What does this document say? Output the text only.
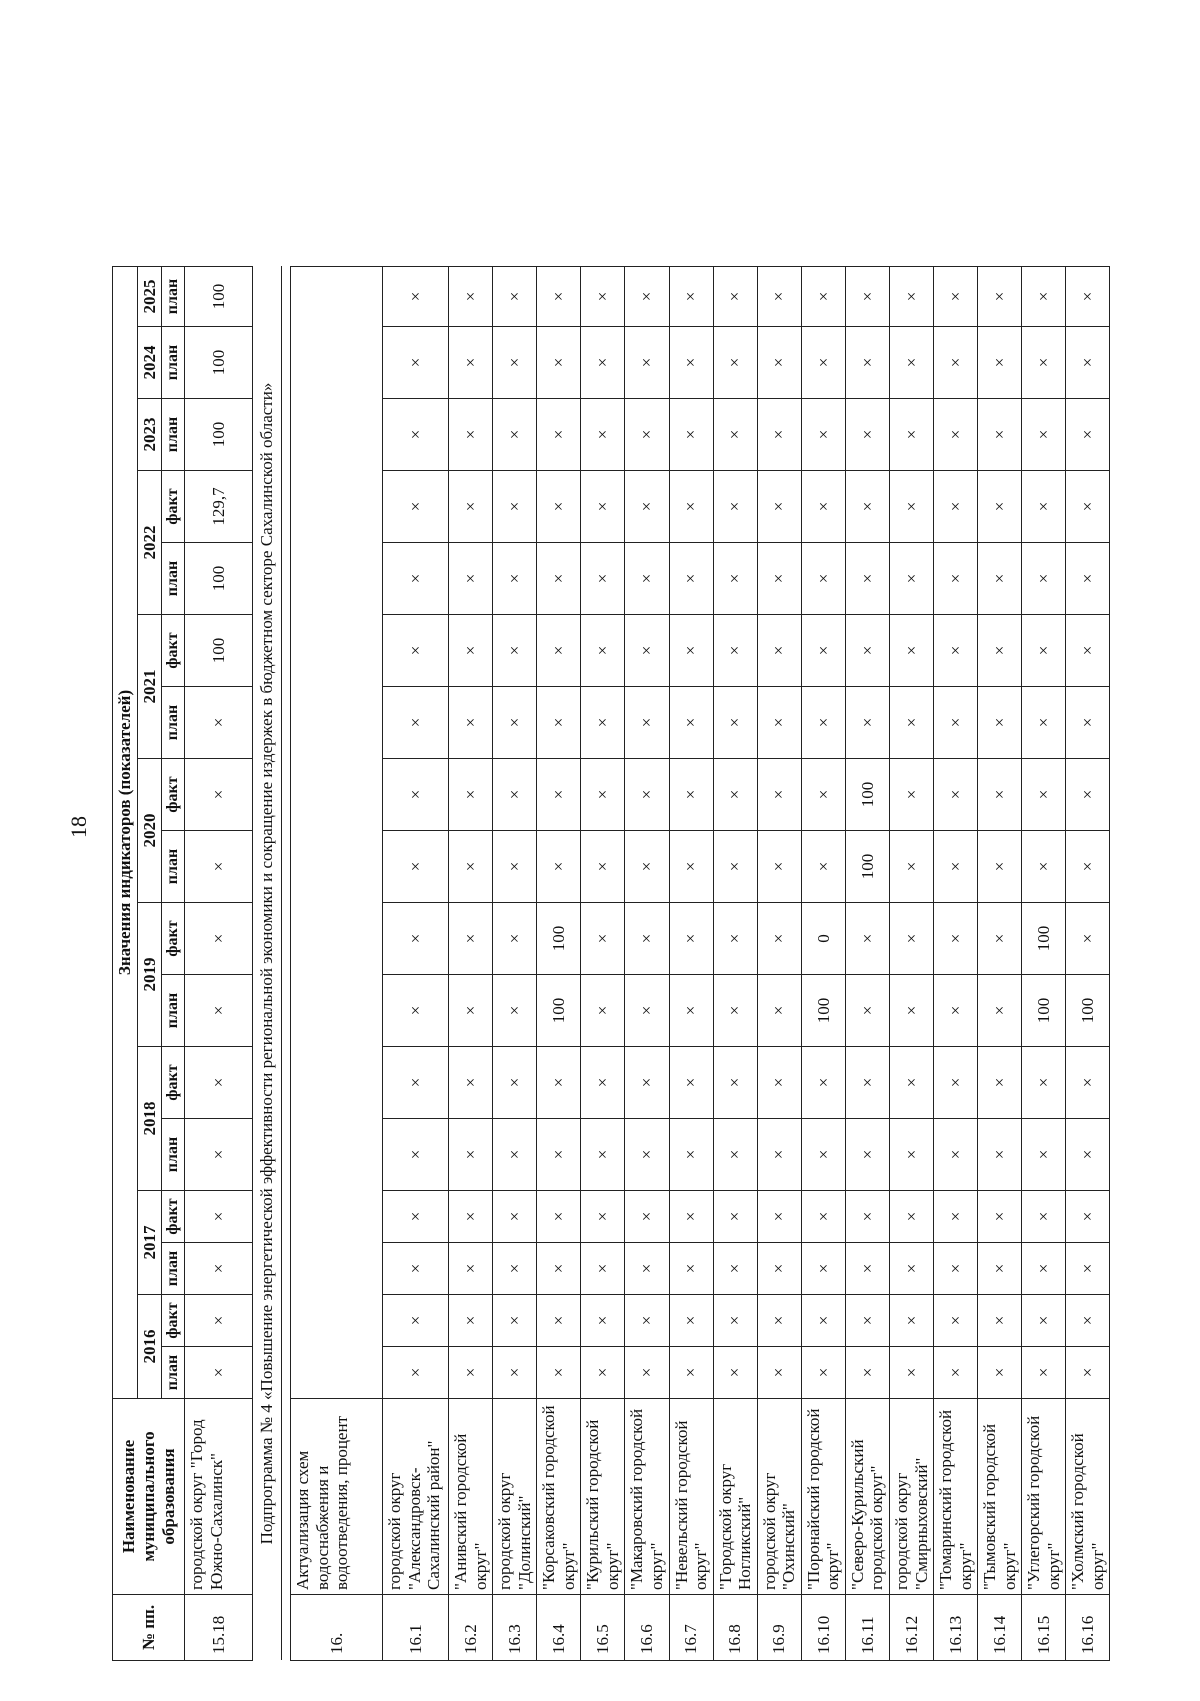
18
№ пп.	Наименование муниципального образования	Значения индикаторов (показателей)																
		2016		2017		2018		2019		2020		2021		2022		2023	2024	2025
		план	факт	план	факт	план	факт	план	факт	план	факт	план	факт	план	факт	план	план	план
15.18	городской округ "Город Южно-Сахалинск"	×	×	×	×	×	×	×	×	×	×	×	100	100	129,7	100	100	100
Подпрограмма № 4 «Повышение энергетической эффективности региональной экономики и сокращение издержек в бюджетном секторе Сахалинской области»																		

16.	Актуализация схем водоснабжения и водоотведения, процент																	
16.1	городской округ "Александровск-Сахалинский район"	×	×	×	×	×	×	×	×	×	×	×	×	×	×	×	×	×
16.2	"Анивский городской округ"	×	×	×	×	×	×	×	×	×	×	×	×	×	×	×	×	×
16.3	городской округ "Долинский"	×	×	×	×	×	×	×	×	×	×	×	×	×	×	×	×	×
16.4	"Корсаковский городской округ"	×	×	×	×	×	×	100	100	×	×	×	×	×	×	×	×	×
16.5	"Курильский городской округ"	×	×	×	×	×	×	×	×	×	×	×	×	×	×	×	×	×
16.6	"Макаровский городской округ"	×	×	×	×	×	×	×	×	×	×	×	×	×	×	×	×	×
16.7	"Невельский городской округ"	×	×	×	×	×	×	×	×	×	×	×	×	×	×	×	×	×
16.8	"Городской округ Ногликский"	×	×	×	×	×	×	×	×	×	×	×	×	×	×	×	×	×
16.9	городской округ "Охинский"	×	×	×	×	×	×	×	×	×	×	×	×	×	×	×	×	×
16.10	"Поронайский городской округ"	×	×	×	×	×	×	100	0	×	×	×	×	×	×	×	×	×
16.11	"Северо-Курильский городской округ"	×	×	×	×	×	×	×	×	100	100	×	×	×	×	×	×	×
16.12	городской округ "Смирныховский"	×	×	×	×	×	×	×	×	×	×	×	×	×	×	×	×	×
16.13	"Томаринский городской округ"	×	×	×	×	×	×	×	×	×	×	×	×	×	×	×	×	×
16.14	"Тымовский городской округ"	×	×	×	×	×	×	×	×	×	×	×	×	×	×	×	×	×
16.15	"Углегорский городской округ"	×	×	×	×	×	×	100	100	×	×	×	×	×	×	×	×	×
16.16	"Холмский городской округ"	×	×	×	×	×	×	100	×	×	×	×	×	×	×	×	×	×
